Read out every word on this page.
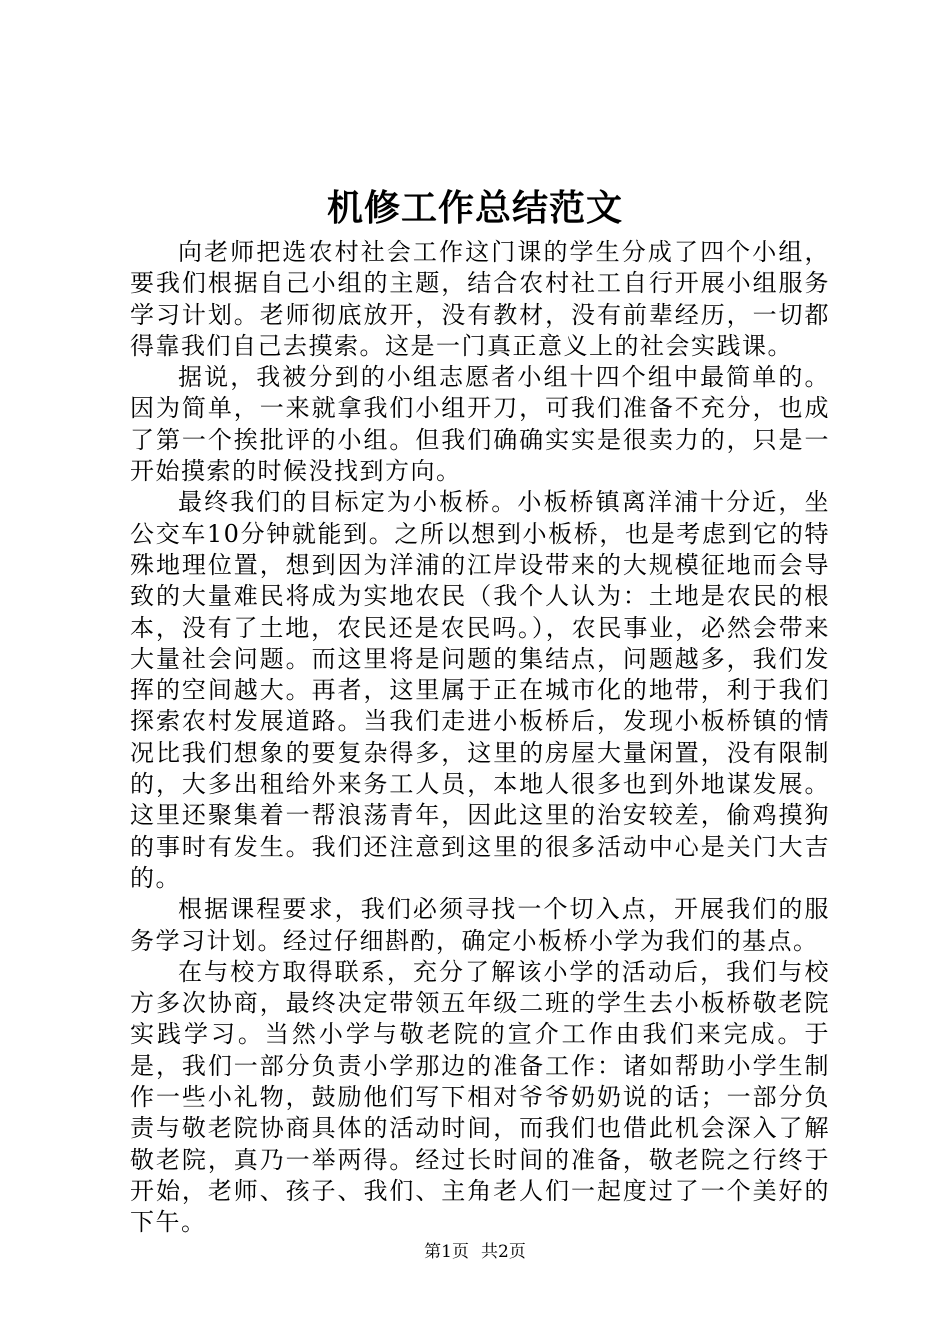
机修工作总结范文

向老师把选农村社会工作这门课的学生分成了四个小组，要我们根据自己小组的主题，结合农村社工自行开展小组服务学习计划。老师彻底放开，没有教材，没有前辈经历，一切都得靠我们自己去摸索。这是一门真正意义上的社会实践课。

据说，我被分到的小组志愿者小组十四个组中最简单的。因为简单，一来就拿我们小组开刀，可我们准备不充分，也成了第一个挨批评的小组。但我们确确实实是很卖力的，只是一开始摸索的时候没找到方向。

最终我们的目标定为小板桥。小板桥镇离洋浦十分近，坐公交车10分钟就能到。之所以想到小板桥，也是考虑到它的特殊地理位置，想到因为洋浦的江岸设带来的大规模征地而会导致的大量难民将成为实地农民（我个人认为：土地是农民的根本，没有了土地，农民还是农民吗。），农民事业，必然会带来大量社会问题。而这里将是问题的集结点，问题越多，我们发挥的空间越大。再者，这里属于正在城市化的地带，利于我们探索农村发展道路。当我们走进小板桥后，发现小板桥镇的情况比我们想象的要复杂得多，这里的房屋大量闲置，没有限制的，大多出租给外来务工人员，本地人很多也到外地谋发展。这里还聚集着一帮浪荡青年，因此这里的治安较差，偷鸡摸狗的事时有发生。我们还注意到这里的很多活动中心是关门大吉的。

根据课程要求，我们必须寻找一个切入点，开展我们的服务学习计划。经过仔细斟酌，确定小板桥小学为我们的基点。

在与校方取得联系，充分了解该小学的活动后，我们与校方多次协商，最终决定带领五年级二班的学生去小板桥敬老院实践学习。当然小学与敬老院的宣介工作由我们来完成。于是，我们一部分负责小学那边的准备工作：诸如帮助小学生制作一些小礼物，鼓励他们写下相对爷爷奶奶说的话；一部分负责与敬老院协商具体的活动时间，而我们也借此机会深入了解敬老院，真乃一举两得。经过长时间的准备，敬老院之行终于开始，老师、孩子、我们、主角老人们一起度过了一个美好的下午。

第1页 共2页
